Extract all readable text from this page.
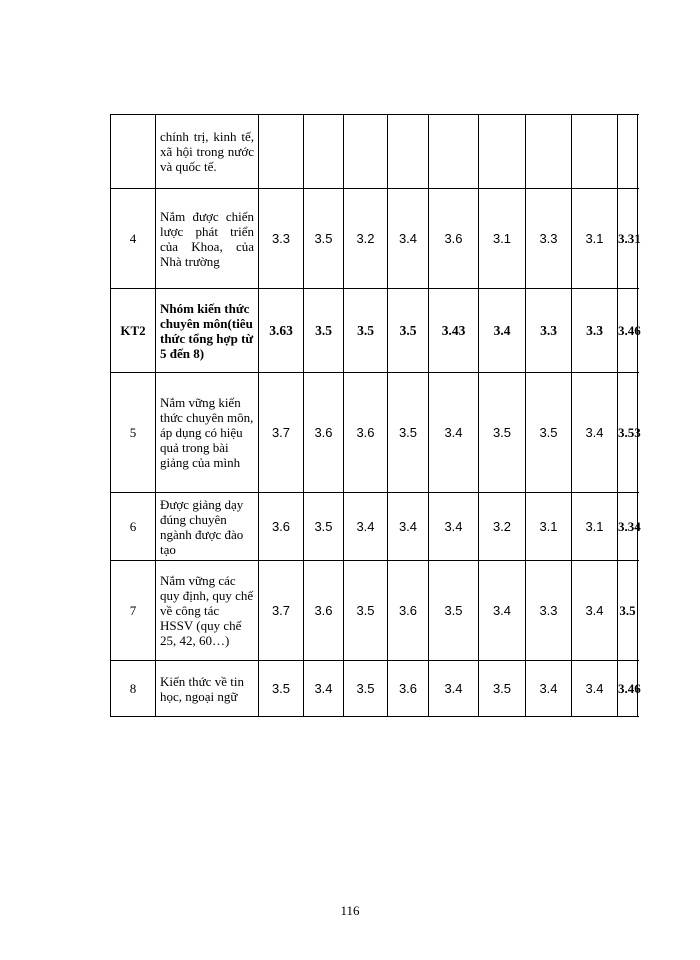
	chính trị, kinh tế, xã hội trong nước và quốc tế.									
4	Nắm được chiến lược phát triển của Khoa, của Nhà trường	3.3	3.5	3.2	3.4	3.6	3.1	3.3	3.1	3.31
KT2	Nhóm kiến thức chuyên môn(tiêu thức tổng hợp từ 5 đến 8)	3.63	3.5	3.5	3.5	3.43	3.4	3.3	3.3	3.46
5	Nắm vững kiến thức chuyên môn, áp dụng có hiệu quả trong bài giảng của mình	3.7	3.6	3.6	3.5	3.4	3.5	3.5	3.4	3.53
6	Được giảng dạy đúng chuyên ngành được đào tạo	3.6	3.5	3.4	3.4	3.4	3.2	3.1	3.1	3.34
7	Nắm vững các quy định, quy chế về công tác HSSV (quy chế 25, 42, 60…)	3.7	3.6	3.5	3.6	3.5	3.4	3.3	3.4	3.5
8	Kiến thức về tin học, ngoại ngữ	3.5	3.4	3.5	3.6	3.4	3.5	3.4	3.4	3.46
116
